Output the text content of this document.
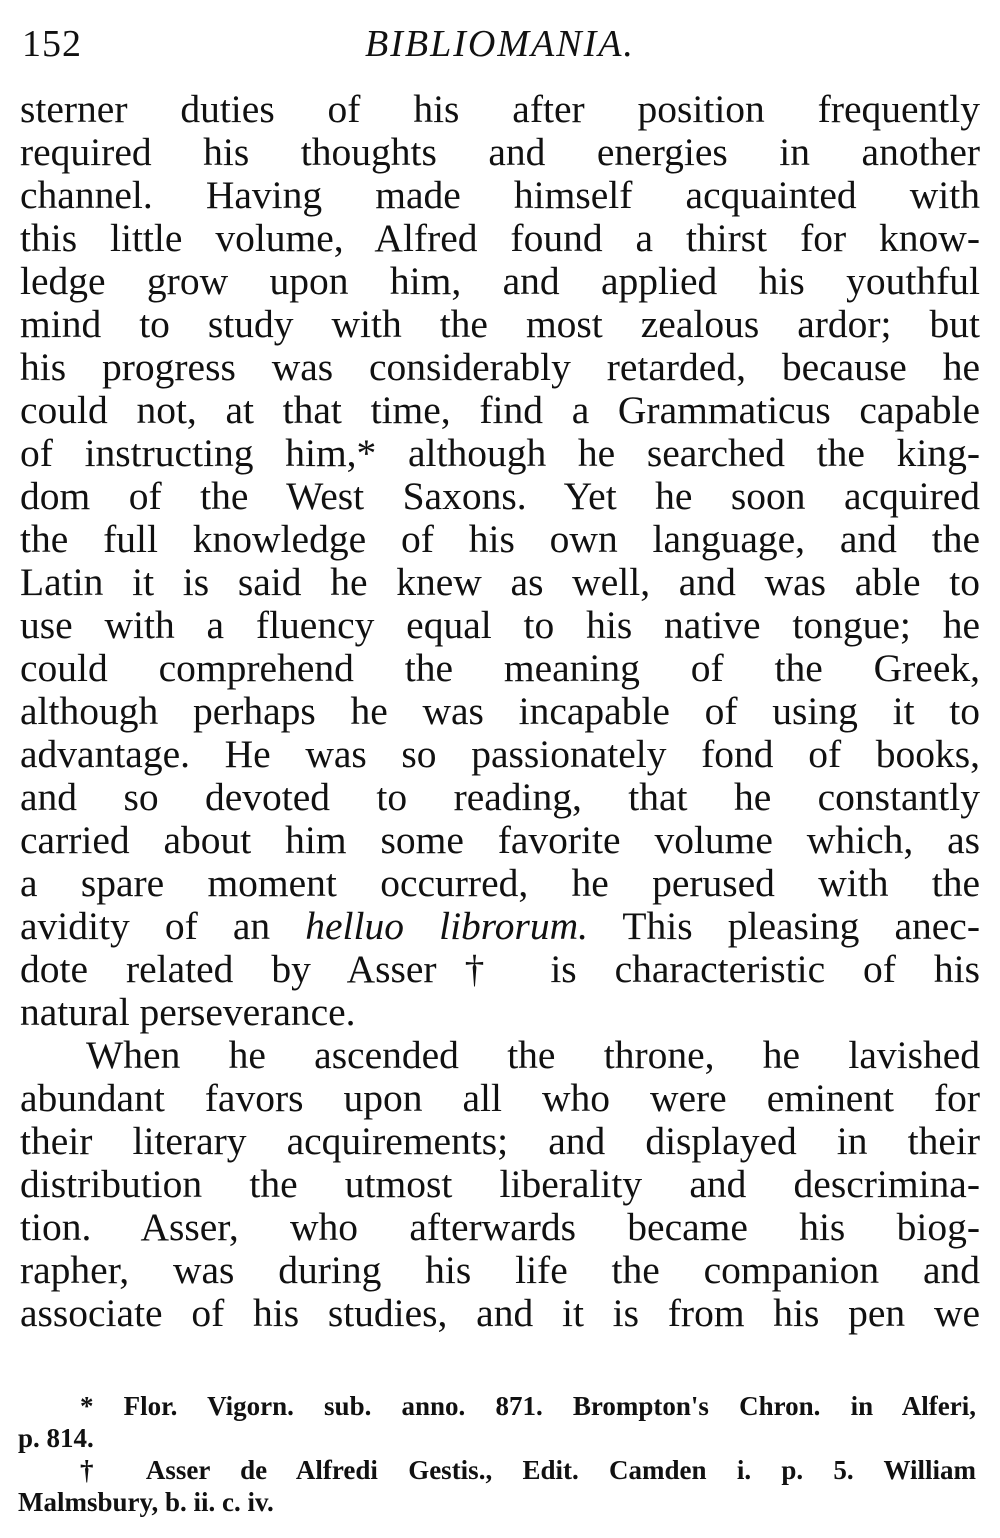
152	BIBLIOMANIA.
sterner duties of his after position frequently
required his thoughts and energies in another
channel. Having made himself acquainted with
this little volume, Alfred found a thirst for know-
ledge grow upon him, and applied his youthful
mind to study with the most zealous ardor; but
his progress was considerably retarded, because he
could not, at that time, find a Grammaticus capable
of instructing him,* although he searched the king-
dom of the West Saxons. Yet he soon acquired
the full knowledge of his own language, and the
Latin it is said he knew as well, and was able to
use with a fluency equal to his native tongue; he
could comprehend the meaning of the Greek,
although perhaps he was incapable of using it to
advantage. He was so passionately fond of books,
and so devoted to reading, that he constantly
carried about him some favorite volume which, as
a spare moment occurred, he perused with the
avidity of an helluo librorum. This pleasing anec-
dote related by Asser† is characteristic of his
natural perseverance.
When he ascended the throne, he lavished
abundant favors upon all who were eminent for
their literary acquirements; and displayed in their
distribution the utmost liberality and descrimina-
tion. Asser, who afterwards became his biog-
rapher, was during his life the companion and
associate of his studies, and it is from his pen we
* Flor. Vigorn. sub. anno. 871. Brompton's Chron. in Alferi,
p. 814.
† Asser de Alfredi Gestis., Edit. Camden i. p. 5. William
Malmsbury, b. ii. c. iv.
